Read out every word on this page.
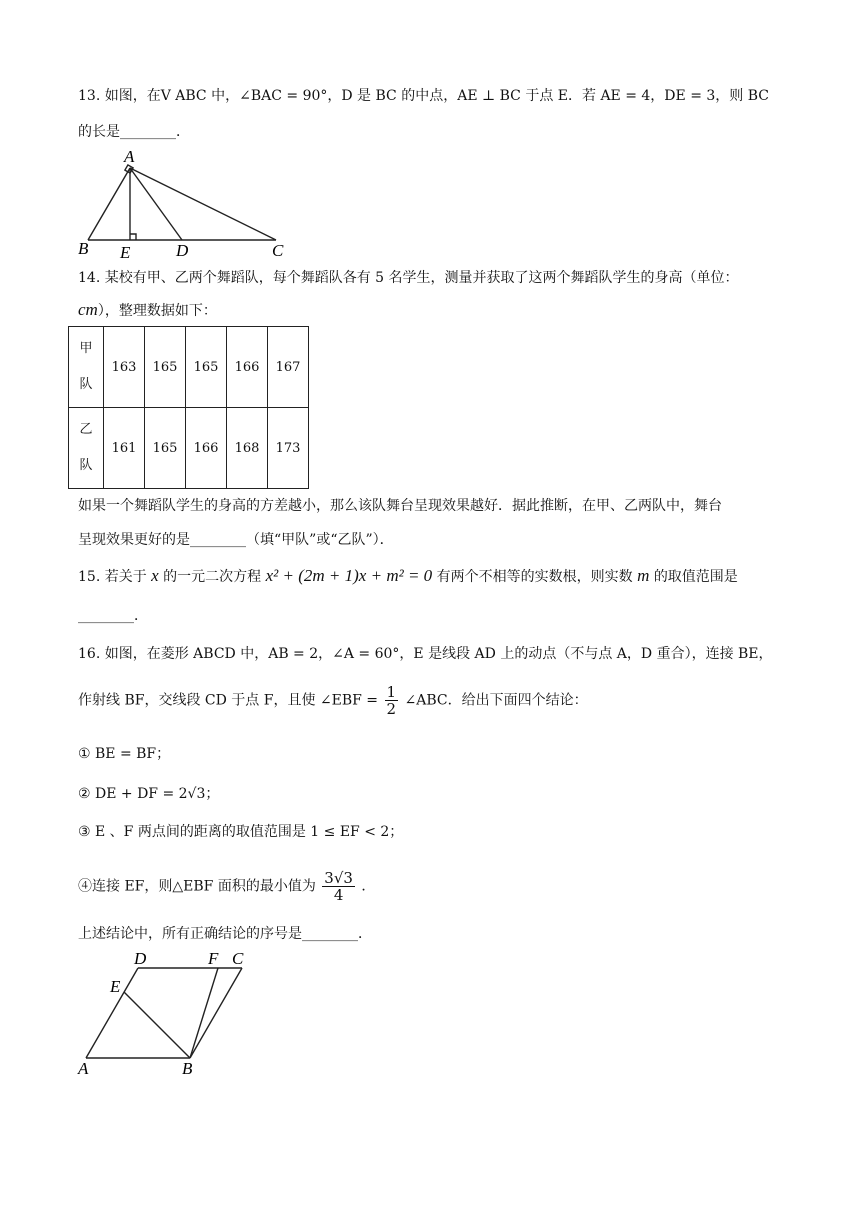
13. 如图，在V ABC 中，∠BAC = 90°，D 是 BC 的中点，AE ⊥ BC 于点 E．若 AE = 4，DE = 3，则 BC
的长是________．
A
B E	D	C
14. 某校有甲、乙两个舞蹈队，每个舞蹈队各有 5 名学生，测量并获取了这两个舞蹈队学生的身高（单位：
cm），整理数据如下：
甲
队	163	165	165	166	167

乙
队	161	165	166	168	173
如果一个舞蹈队学生的身高的方差越小，那么该队舞台呈现效果越好．据此推断，在甲、乙两队中，舞台
呈现效果更好的是________（填“甲队”或“乙队”）．
15. 若关于 x 的一元二次方程 x² + (2m + 1)x + m² = 0 有两个不相等的实数根，则实数 m 的取值范围是
________．
16. 如图，在菱形 ABCD 中，AB = 2，∠A = 60°，E 是线段 AD 上的动点（不与点 A，D 重合），连接 BE，
作射线 BF，交线段 CD 于点 F，且使 ∠EBF = $\frac{1}{2}$ ∠ABC．给出下面四个结论：
① BE = BF；
② DE + DF = 2√3；
③ E 、F 两点间的距离的取值范围是 1 ≤ EF < 2；
④连接 EF，则△EBF 面积的最小值为 $\frac{3√3}{4}$ ．
上述结论中，所有正确结论的序号是________．
D	F C
E
A	B
